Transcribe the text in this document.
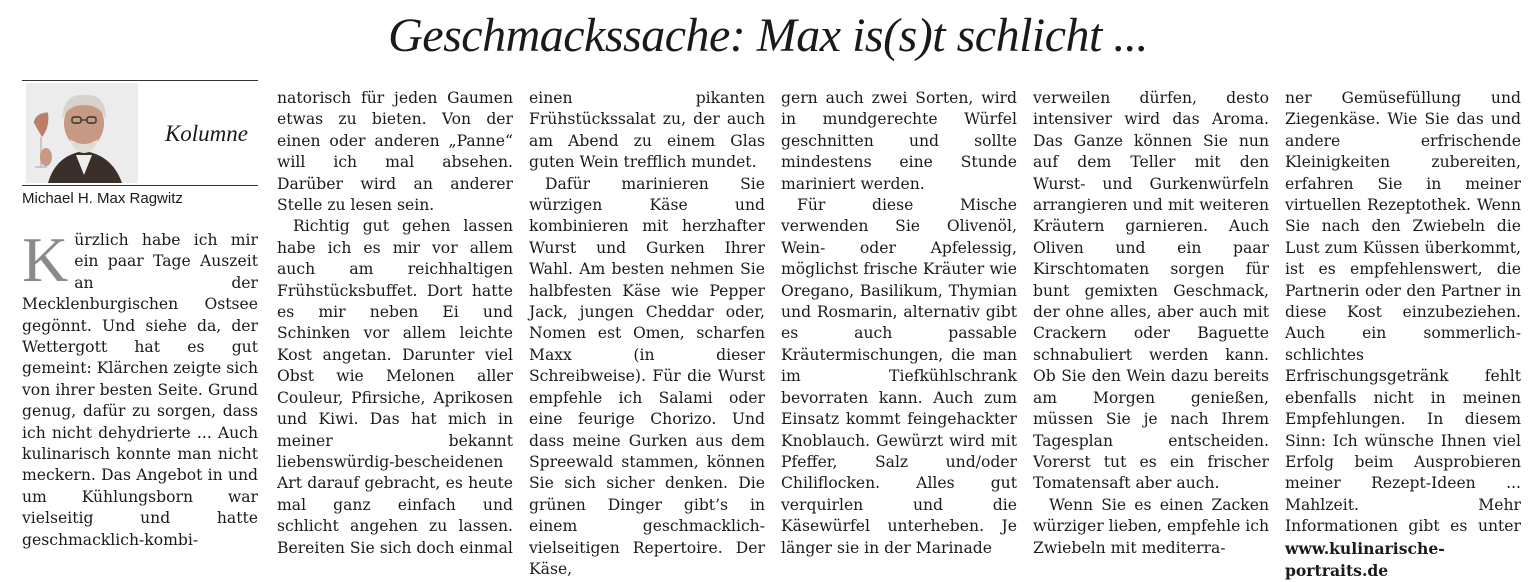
Geschmackssache: Max is(s)t schlicht ...
Kolumne
Michael H. Max Ragwitz

Kürzlich habe ich mir ein paar Tage Auszeit an der Mecklenburgischen Ostsee gegönnt. Und siehe da, der Wettergott hat es gut gemeint: Klärchen zeigte sich von ihrer besten Seite. Grund genug, dafür zu sorgen, dass ich nicht dehydrierte ... Auch kulinarisch konnte man nicht meckern. Das Angebot in und um Kühlungsborn war vielseitig und hatte geschmacklich-kombi-

natorisch für jeden Gaumen etwas zu bieten. Von der einen oder anderen „Panne“ will ich mal absehen. Darüber wird an anderer Stelle zu lesen sein.

Richtig gut gehen lassen habe ich es mir vor allem auch am reichhaltigen Frühstücksbuffet. Dort hatte es mir neben Ei und Schinken vor allem leichte Kost angetan. Darunter viel Obst wie Melonen aller Couleur, Pfirsiche, Aprikosen und Kiwi. Das hat mich in meiner bekannt liebenswürdig-bescheidenen Art darauf gebracht, es heute mal ganz einfach und schlicht angehen zu lassen. Bereiten Sie sich doch einmal

einen pikanten Frühstückssalat zu, der auch am Abend zu einem Glas guten Wein trefflich mundet.

Dafür marinieren Sie würzigen Käse und kombinieren mit herzhafter Wurst und Gurken Ihrer Wahl. Am besten nehmen Sie halbfesten Käse wie Pepper Jack, jungen Cheddar oder, Nomen est Omen, scharfen Maxx (in dieser Schreibweise). Für die Wurst empfehle ich Salami oder eine feurige Chorizo. Und dass meine Gurken aus dem Spreewald stammen, können Sie sich sicher denken. Die grünen Dinger gibt’s in einem geschmacklich-vielseitigen Repertoire. Der Käse,

gern auch zwei Sorten, wird in mundgerechte Würfel geschnitten und sollte mindestens eine Stunde mariniert werden.

Für diese Mische verwenden Sie Olivenöl, Wein- oder Apfelessig, möglichst frische Kräuter wie Oregano, Basilikum, Thymian und Rosmarin, alternativ gibt es auch passable Kräutermischungen, die man im Tiefkühlschrank bevorraten kann. Auch zum Einsatz kommt feingehackter Knoblauch. Gewürzt wird mit Pfeffer, Salz und/oder Chiliflocken. Alles gut verquirlen und die Käsewürfel unterheben. Je länger sie in der Marinade

verweilen dürfen, desto intensiver wird das Aroma. Das Ganze können Sie nun auf dem Teller mit den Wurst- und Gurkenwürfeln arrangieren und mit weiteren Kräutern garnieren. Auch Oliven und ein paar Kirschtomaten sorgen für bunt gemixten Geschmack, der ohne alles, aber auch mit Crackern oder Baguette schnabuliert werden kann. Ob Sie den Wein dazu bereits am Morgen genießen, müssen Sie je nach Ihrem Tagesplan entscheiden. Vorerst tut es ein frischer Tomatensaft aber auch.

Wenn Sie es einen Zacken würziger lieben, empfehle ich Zwiebeln mit mediterra-

ner Gemüsefüllung und Ziegenkäse. Wie Sie das und andere erfrischende Kleinigkeiten zubereiten, erfahren Sie in meiner virtuellen Rezeptothek. Wenn Sie nach den Zwiebeln die Lust zum Küssen überkommt, ist es empfehlenswert, die Partnerin oder den Partner in diese Kost einzubeziehen. Auch ein sommerlich-schlichtes Erfrischungsgetränk fehlt ebenfalls nicht in meinen Empfehlungen. In diesem Sinn: Ich wünsche Ihnen viel Erfolg beim Ausprobieren meiner Rezept-Ideen ... Mahlzeit. Mehr Informationen gibt es unter www.kulinarische-portraits.de
